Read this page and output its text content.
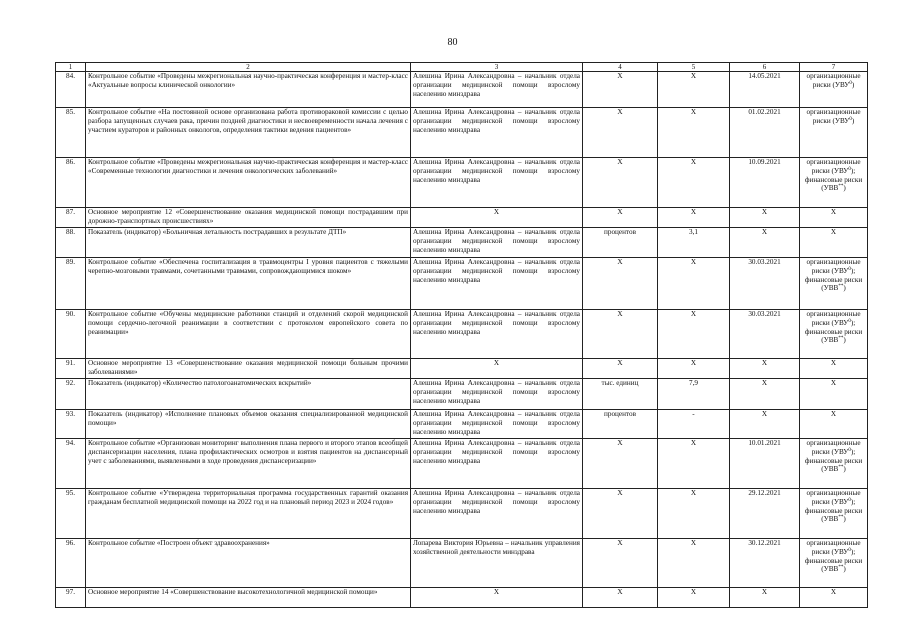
80
1	2	3	4	5	6	7
84.	Контрольное событие «Проведены межрегиональная научно-практическая конференция и мастер-класс «Актуальные вопросы клинической онкологии»	Алешина Ирина Александровна – начальник отдела организации медицинской помощи взрослому населению минздрава	Х	Х	14.05.2021	организационные риски (УВУ$^0$)
85.	Контрольное событие «На постоянной основе организована работа противораковой комиссии с целью разбора запущенных случаев рака, причин поздней диагностики и несвоевременности начала лечения с участием кураторов и районных онкологов, определения тактики ведения пациентов»	Алешина Ирина Александровна – начальник отдела организации медицинской помощи взрослому населению минздрава	Х	Х	01.02.2021	организационные риски (УВУ$^0$)
86.	Контрольное событие «Проведены межрегиональная научно-практическая конференция и мастер-класс «Современные технологии диагностики и лечения онкологических заболеваний»	Алешина Ирина Александровна – начальник отдела организации медицинской помощи взрослому населению минздрава	Х	Х	10.09.2021	организационные риски (УВУ$^0$); финансовые риски (УВВ**)
87.	Основное мероприятие 12 «Совершенствование оказания медицинской помощи пострадавшим при дорожно-транспортных происшествиях»	Х	Х	Х	Х	Х
88.	Показатель (индикатор) «Больничная летальность пострадавших в результате ДТП»	Алешина Ирина Александровна – начальник отдела организации медицинской помощи взрослому населению минздрава	процентов	3,1	Х	Х
89.	Контрольное событие «Обеспечена госпитализация в травмоцентры I уровня пациентов с тяжелыми черепно-мозговыми травмами, сочетанными травмами, сопровождающимися шоком»	Алешина Ирина Александровна – начальник отдела организации медицинской помощи взрослому населению минздрава	Х	Х	30.03.2021	организационные риски (УВУ$^0$); финансовые риски (УВВ**)
90.	Контрольное событие «Обучены медицинские работники станций и отделений скорой медицинской помощи сердечно-легочной реанимации в соответствии с протоколом европейского совета по реанимации»	Алешина Ирина Александровна – начальник отдела организации медицинской помощи взрослому населению минздрава	Х	Х	30.03.2021	организационные риски (УВУ$^0$); финансовые риски (УВВ**)
91.	Основное мероприятие 13 «Совершенствование оказания медицинской помощи больным прочими заболеваниями»	Х	Х	Х	Х	Х
92.	Показатель (индикатор) «Количество патологоанатомических вскрытий»	Алешина Ирина Александровна – начальник отдела организации медицинской помощи взрослому населению минздрава	тыс. единиц	7,9	Х	Х
93.	Показатель (индикатор) «Исполнение плановых объемов оказания специализированной медицинской помощи»	Алешина Ирина Александровна – начальник отдела организации медицинской помощи взрослому населению минздрава	процентов	-	Х	Х
94.	Контрольное событие «Организован мониторинг выполнения плана первого и второго этапов всеобщей диспансеризации населения, плана профилактических осмотров и взятия пациентов на диспансерный учет с заболеваниями, выявленными в ходе проведения диспансеризации»	Алешина Ирина Александровна – начальник отдела организации медицинской помощи взрослому населению минздрава	Х	Х	10.01.2021	организационные риски (УВУ$^0$); финансовые риски (УВВ**)
95.	Контрольное событие «Утверждена территориальная программа государственных гарантий оказания гражданам бесплатной медицинской помощи на 2022 год и на плановый период 2023 и 2024 годов»	Алешина Ирина Александровна – начальник отдела организации медицинской помощи взрослому населению минздрава	Х	Х	29.12.2021	организационные риски (УВУ$^0$); финансовые риски (УВВ**)
96.	Контрольное событие «Построен объект здравоохранения»	Лопарева Виктория Юрьевна – начальник управления хозяйственной деятельности минздрава	Х	Х	30.12.2021	организационные риски (УВУ$^0$); финансовые риски (УВВ**)
97.	Основное мероприятие 14 «Совершенствование высокотехнологичной медицинской помощи»	Х	Х	Х	Х	Х
